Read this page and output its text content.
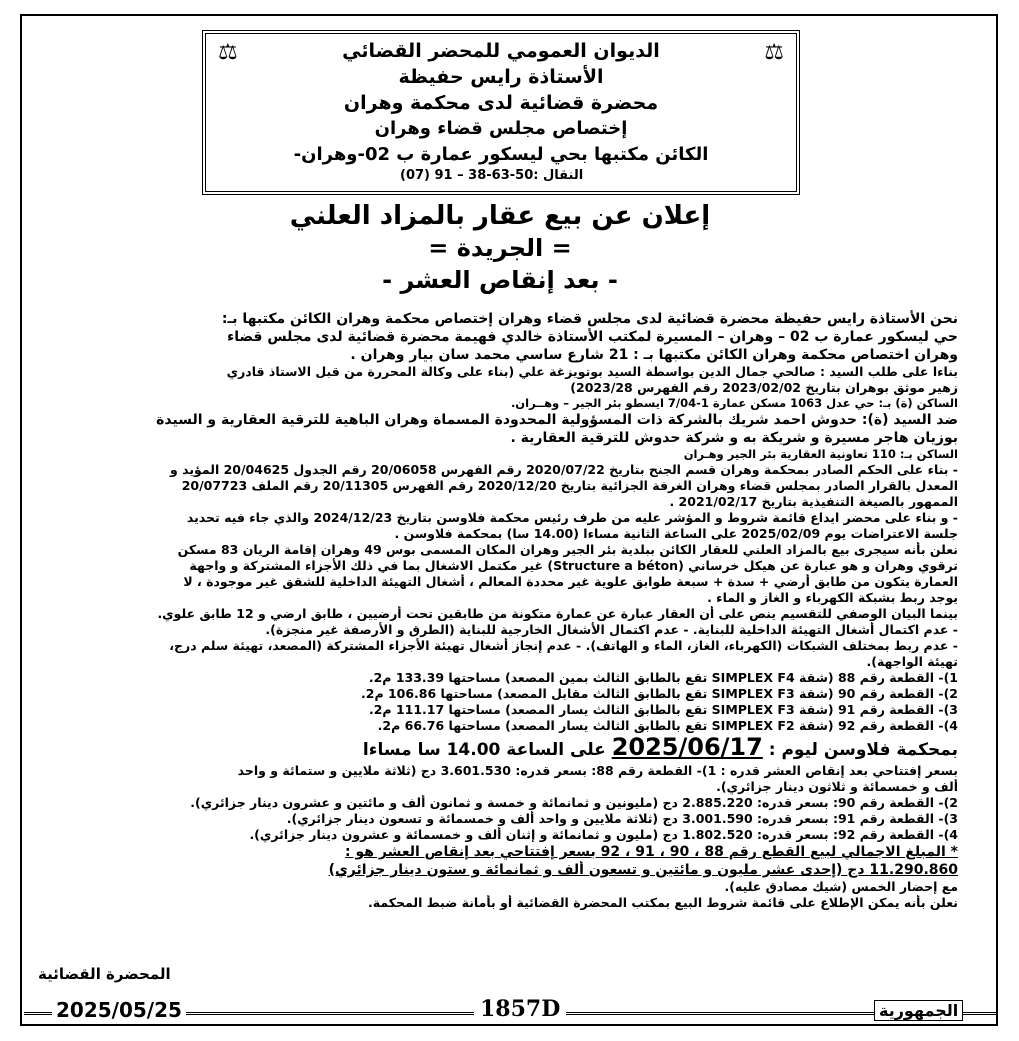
⚖
⚖	الديوان العمومي للمحضر القضائي
الأستاذة رايس حفيظة
محضرة قضائية لدى محكمة وهران
إختصاص مجلس قضاء وهران
الكائن مكتبها بحي ليسكور عمارة ب 02-وهران-
النقال :50-63-38 – 91 (07)
إعلان عن بيع عقار بالمزاد العلني
= الجريدة =
- بعد إنقاص العشر -
نحن الأستاذة رايس حفيظة محضرة قضائية لدى مجلس قضاء وهران إختصاص محكمة وهران الكائن مكتبها بـ:
حي ليسكور عمارة ب 02 – وهران – المسيرة لمكتب الأستاذة خالدي فهيمة محضرة قضائية لدى مجلس قضاء
وهران اختصاص محكمة وهران الكائن مكتبها بـ : 21 شارع ساسي محمد سان بيار وهران .
بناءا على طلب السيد : صالحي جمال الدين بواسطة السيد بوتويزغة علي (بناء على وكالة المحررة من قبل الاستاذ قادري
زهير موثق بوهران بتاريخ 2023/02/02 رقم الفهرس 2023/28)
الساكن (ة) بـ: حي عدل 1063 مسكن عمارة 1-7/04 ايسطو بئر الجير – وهــران.
ضد السيد (ة): حدوش احمد شريك بالشركة ذات المسؤولية المحدودة المسماة وهران الباهية للترقية العقارية و السيدة
بوزيان هاجر مسيرة و شريكة به و شركة حدوش للترقية العقارية .
الساكن بـ: 110 تعاونية العقارية بئر الجير وهـران
- بناء على الحكم الصادر بمحكمة وهران قسم الجنح بتاريخ 2020/07/22 رقم الفهرس 20/06058 رقم الجدول 20/04625 المؤيد و
المعدل بالقرار الصادر بمجلس قضاء وهران الغرفة الجزائية بتاريخ 2020/12/20 رقم الفهرس 20/11305 رقم الملف 20/07723
الممهور بالصيغة التنفيذية بتاريخ 2021/02/17 .
- و بناء على محضر ايداع قائمة شروط و المؤشر عليه من طرف رئيس محكمة فلاوسن بتاريخ 2024/12/23 والذي جاء فيه تحديد
جلسة الاعتراضات يوم 2025/02/09 على الساعة الثانية مساءا (14.00 سا) بمحكمة فلاوسن .
نعلن بأنه سيجرى بيع بالمزاد العلني للعقار الكائن ببلدية بئر الجير وهران المكان المسمى بوس 49 وهران إقامة الريان 83 مسكن
ترقوي وهران و هو عبارة عن هيكل خرساني (Structure a béton) غير مكتمل الاشغال بما في ذلك الأجزاء المشتركة و واجهة
العمارة يتكون من طابق أرضي + سدة + سبعة طوابق علوية غير محددة المعالم ، أشغال التهيئة الداخلية للشقق غير موجودة ، لا
يوجد ربط بشبكة الكهرباء و الغاز و الماء .
بينما البيان الوصفي للتقسيم ينص على أن العقار عبارة عن عمارة متكونة من طابقين تحت أرضيين ، طابق ارضي و 12 طابق علوي.
- عدم اكتمال أشغال التهيئة الداخلية للبناية. - عدم اكتمال الأشغال الخارجية للبناية (الطرق و الأرصفة غير منجزة).
- عدم ربط بمختلف الشبكات (الكهرباء، الغاز، الماء و الهاتف). - عدم إنجاز أشغال تهيئة الأجزاء المشتركة (المصعد، تهيئة سلم درج،
تهيئة الواجهة).
1)- القطعة رقم 88 (شقة SIMPLEX F4 تقع بالطابق الثالث بمين المصعد) مساحتها 133.39 م2.
2)- القطعة رقم 90 (شقة SIMPLEX F3 تقع بالطابق الثالث مقابل المصعد) مساحتها 106.86 م2.
3)- القطعة رقم 91 (شقة SIMPLEX F3 تقع بالطابق الثالث يسار المصعد) مساحتها 111.17 م2.
4)- القطعة رقم 92 (شقة SIMPLEX F2 تقع بالطابق الثالث يسار المصعد) مساحتها 66.76 م2.
بمحكمة فلاوسن ليوم : 2025/06/17 على الساعة 14.00 سا مساءا
بسعر إفتتاحي بعد إنقاص العشر قدره : 1)- القطعة رقم 88: بسعر قدره: 3.601.530 دج (ثلاثة ملايين و ستمائة و واحد
ألف و خمسمائة و ثلاثون دينار جزائري).
2)- القطعة رقم 90: بسعر قدره: 2.885.220 دج (مليونين و ثمانمائة و خمسة و ثمانون ألف و مائتين و عشرون دينار جزائري).
3)- القطعة رقم 91: بسعر قدره: 3.001.590 دج (ثلاثة ملايين و واحد ألف و خمسمائة و تسعون دينار جزائري).
4)- القطعة رقم 92: بسعر قدره: 1.802.520 دج (مليون و ثمانمائة و إثنان ألف و خمسمائة و عشرون دينار جزائري).
* المبلغ الاجمالي لبيع القطع رقم 88 ، 90 ، 91 ، 92 بسعر إفتتاحي بعد إنقاص العشر هو :
11.290.860 دج (إحدى عشر مليون و مائتين و تسعون ألف و ثمانمائة و ستون دينار جزائري)
مع إحضار الخمس (شيك مصادق عليه).
نعلن بأنه يمكن الإطلاع على قائمة شروط البيع بمكتب المحضرة القضائية أو بأمانة ضبط المحكمة.
المحضرة القضائية
2025/05/25	1857D	الجمهورية
